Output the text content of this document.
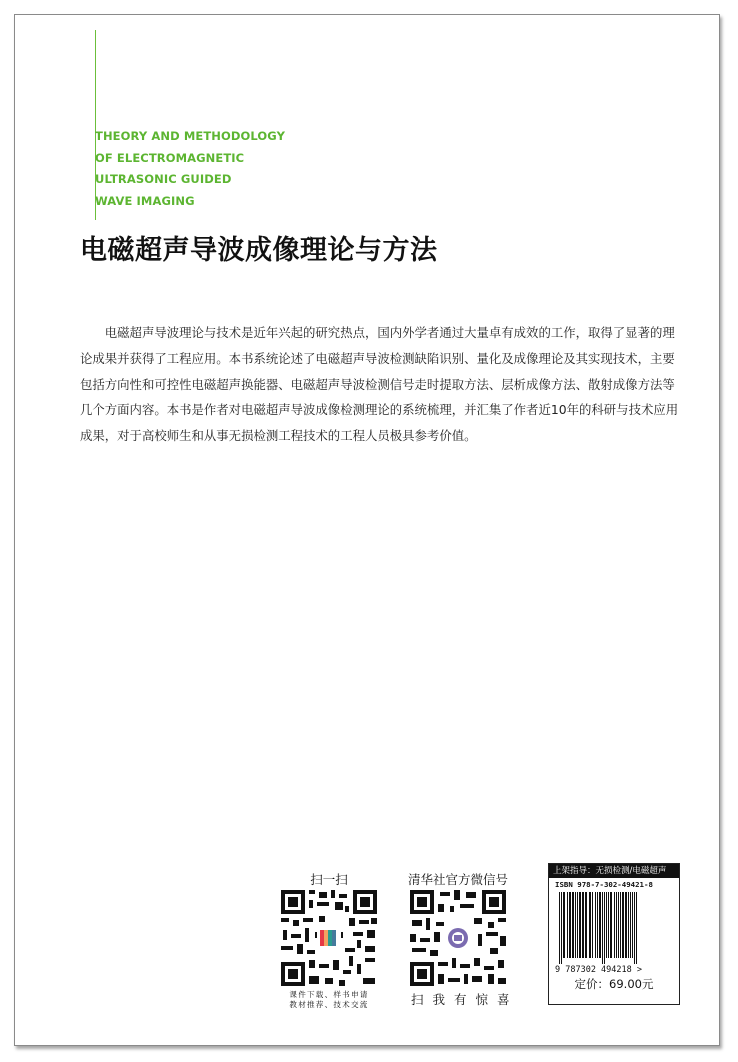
THEORY AND METHODOLOGY
OF ELECTROMAGNETIC
ULTRASONIC GUIDED
WAVE IMAGING
电磁超声导波成像理论与方法
　　电磁超声导波理论与技术是近年兴起的研究热点，国内外学者通过大量卓有成效的工作，取得了显著的理
论成果并获得了工程应用。本书系统论述了电磁超声导波检测缺陷识别、量化及成像理论及其实现技术，主要
包括方向性和可控性电磁超声换能器、电磁超声导波检测信号走时提取方法、层析成像方法、散射成像方法等
几个方面内容。本书是作者对电磁超声导波成像检测理论的系统梳理，并汇集了作者近10年的科研与技术应用
成果，对于高校师生和从事无损检测工程技术的工程人员极具参考价值。
扫一扫
课件下载、样书申请
教材推荐、技术交流
清华社官方微信号
扫我有惊喜
上架指导：无损检测/电磁超声
ISBN 978-7-302-49421-8
9 787302 494218 >
定价：69.00元
